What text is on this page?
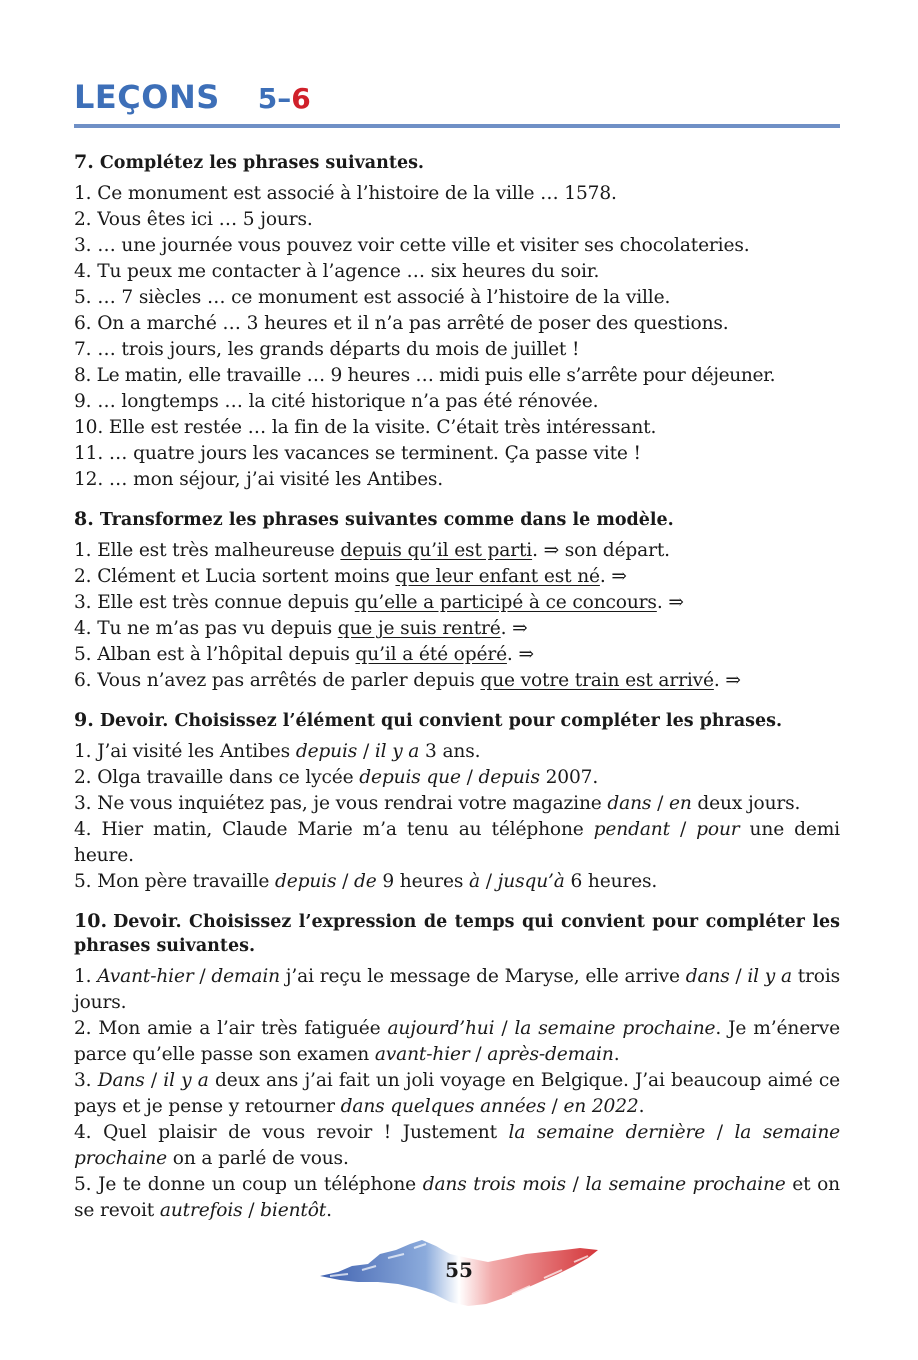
LEÇONS 5–6
7. Complétez les phrases suivantes.

1. Ce monument est associé à l’histoire de la ville … 1578.

2. Vous êtes ici … 5 jours.

3. … une journée vous pouvez voir cette ville et visiter ses chocolateries.

4. Tu peux me contacter à l’agence … six heures du soir.

5. … 7 siècles … ce monument est associé à l’histoire de la ville.

6. On a marché … 3 heures et il n’a pas arrêté de poser des questions.

7. … trois jours, les grands départs du mois de juillet !

8. Le matin, elle travaille … 9 heures … midi puis elle s’arrête pour déjeuner.

9. … longtemps … la cité historique n’a pas été rénovée.

10. Elle est restée … la fin de la visite. C’était très intéressant.

11. … quatre jours les vacances se terminent. Ça passe vite !

12. … mon séjour, j’ai visité les Antibes.

8. Transformez les phrases suivantes comme dans le modèle.

1. Elle est très malheureuse depuis qu’il est parti. ⇒ son départ.

2. Clément et Lucia sortent moins que leur enfant est né. ⇒

3. Elle est très connue depuis qu’elle a participé à ce concours. ⇒

4. Tu ne m’as pas vu depuis que je suis rentré. ⇒

5. Alban est à l’hôpital depuis qu’il a été opéré. ⇒

6. Vous n’avez pas arrêtés de parler depuis que votre train est arrivé. ⇒

9. Devoir. Choisissez l’élément qui convient pour compléter les phrases.

1. J’ai visité les Antibes depuis / il y a 3 ans.

2. Olga travaille dans ce lycée depuis que / depuis 2007.

3. Ne vous inquiétez pas, je vous rendrai votre magazine dans / en deux jours.

4. Hier matin, Claude Marie m’a tenu au téléphone pendant / pour une demi heure.

5. Mon père travaille depuis / de 9 heures à / jusqu’à 6 heures.

10. Devoir. Choisissez l’expression de temps qui convient pour compléter les phrases suivantes.

1. Avant-hier / demain j’ai reçu le message de Maryse, elle arrive dans / il y a trois jours.

2. Mon amie a l’air très fatiguée aujourd’hui / la semaine prochaine. Je m’énerve parce qu’elle passe son examen avant-hier / après-demain.

3. Dans / il y a deux ans j’ai fait un joli voyage en Belgique. J’ai beaucoup aimé ce pays et je pense y retourner dans quelques années / en 2022.

4. Quel plaisir de vous revoir ! Justement la semaine dernière / la semaine prochaine on a parlé de vous.

5. Je te donne un coup un téléphone dans trois mois / la semaine prochaine et on se revoit autrefois / bientôt.

55
